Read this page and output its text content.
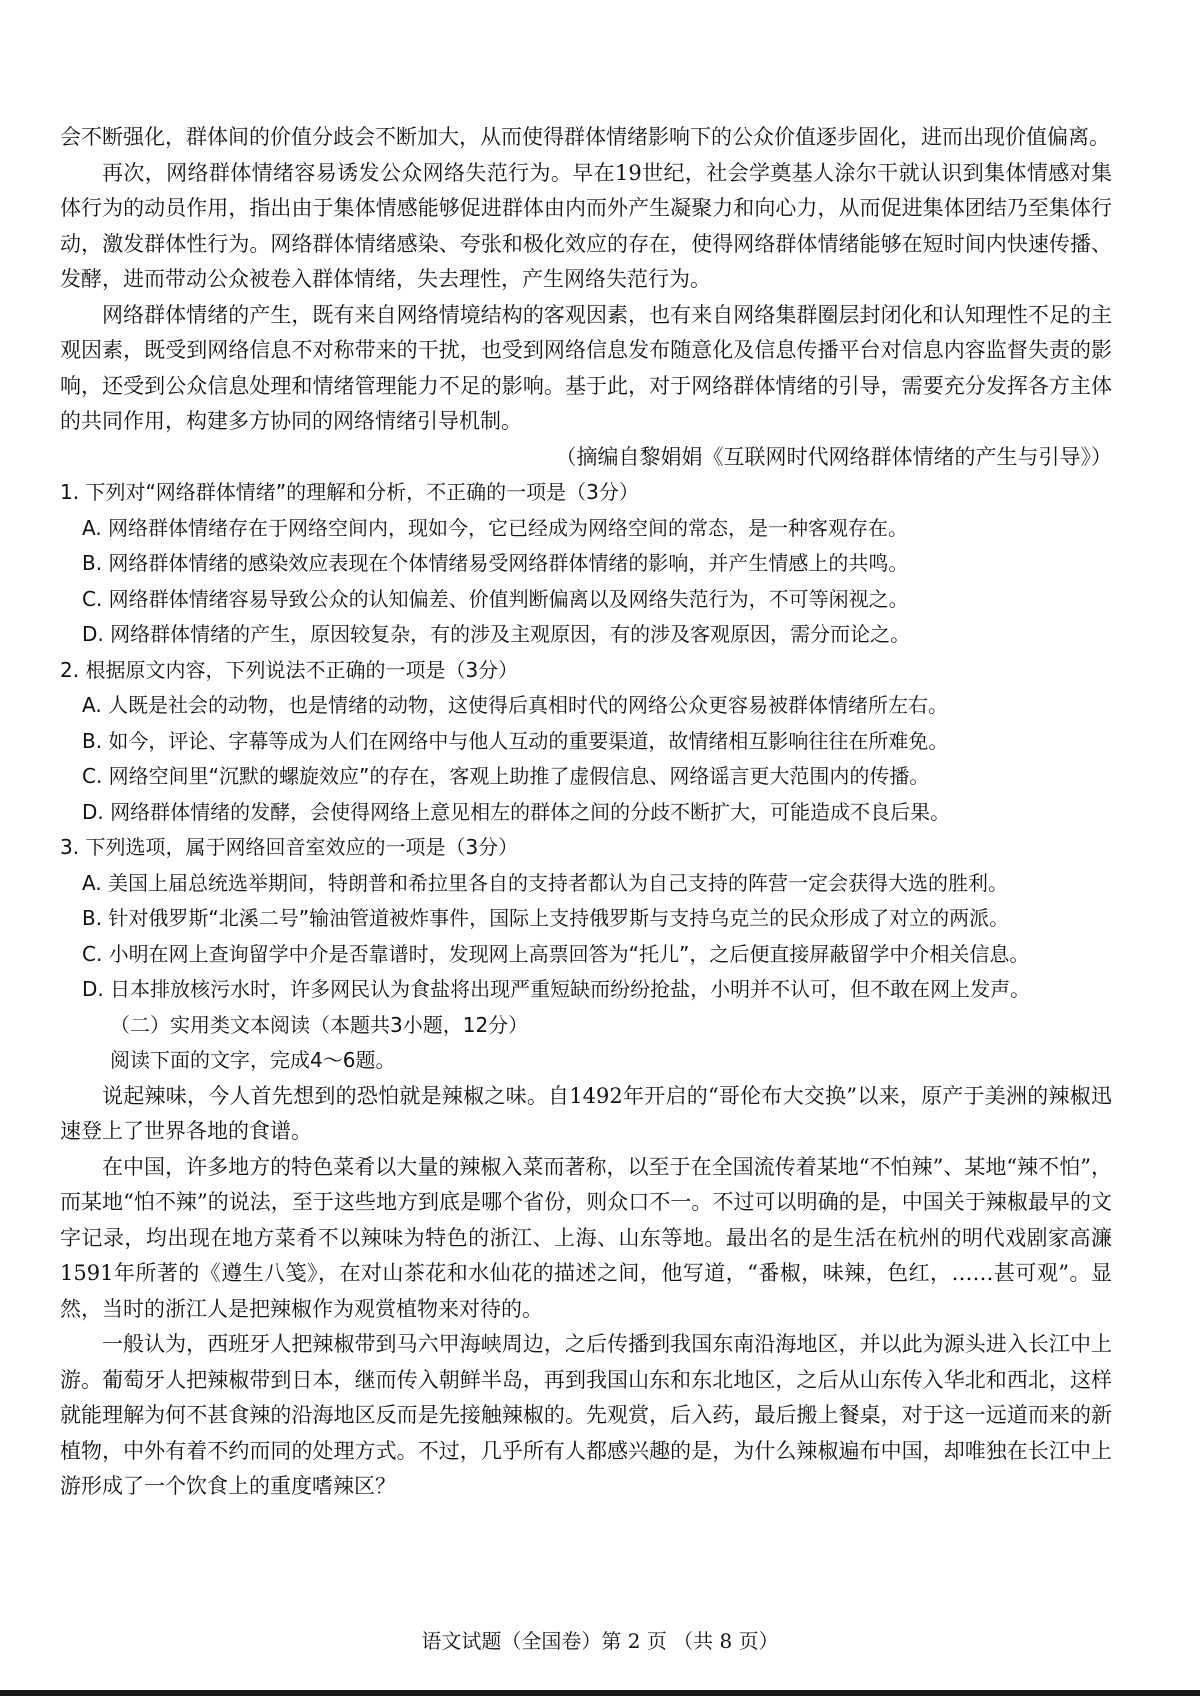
会不断强化，群体间的价值分歧会不断加大，从而使得群体情绪影响下的公众价值逐步固化，进而出现价值偏离。

再次，网络群体情绪容易诱发公众网络失范行为。早在19世纪，社会学奠基人涂尔干就认识到集体情感对集体行为的动员作用，指出由于集体情感能够促进群体由内而外产生凝聚力和向心力，从而促进集体团结乃至集体行动，激发群体性行为。网络群体情绪感染、夸张和极化效应的存在，使得网络群体情绪能够在短时间内快速传播、发酵，进而带动公众被卷入群体情绪，失去理性，产生网络失范行为。

网络群体情绪的产生，既有来自网络情境结构的客观因素，也有来自网络集群圈层封闭化和认知理性不足的主观因素，既受到网络信息不对称带来的干扰，也受到网络信息发布随意化及信息传播平台对信息内容监督失责的影响，还受到公众信息处理和情绪管理能力不足的影响。基于此，对于网络群体情绪的引导，需要充分发挥各方主体的共同作用，构建多方协同的网络情绪引导机制。

（摘编自黎娟娟《互联网时代网络群体情绪的产生与引导》）

1. 下列对“网络群体情绪”的理解和分析，不正确的一项是（3分）

A. 网络群体情绪存在于网络空间内，现如今，它已经成为网络空间的常态，是一种客观存在。

B. 网络群体情绪的感染效应表现在个体情绪易受网络群体情绪的影响，并产生情感上的共鸣。

C. 网络群体情绪容易导致公众的认知偏差、价值判断偏离以及网络失范行为，不可等闲视之。

D. 网络群体情绪的产生，原因较复杂，有的涉及主观原因，有的涉及客观原因，需分而论之。

2. 根据原文内容，下列说法不正确的一项是（3分）

A. 人既是社会的动物，也是情绪的动物，这使得后真相时代的网络公众更容易被群体情绪所左右。

B. 如今，评论、字幕等成为人们在网络中与他人互动的重要渠道，故情绪相互影响往往在所难免。

C. 网络空间里“沉默的螺旋效应”的存在，客观上助推了虚假信息、网络谣言更大范围内的传播。

D. 网络群体情绪的发酵，会使得网络上意见相左的群体之间的分歧不断扩大，可能造成不良后果。

3. 下列选项，属于网络回音室效应的一项是（3分）

A. 美国上届总统选举期间，特朗普和希拉里各自的支持者都认为自己支持的阵营一定会获得大选的胜利。

B. 针对俄罗斯“北溪二号”输油管道被炸事件，国际上支持俄罗斯与支持乌克兰的民众形成了对立的两派。

C. 小明在网上查询留学中介是否靠谱时，发现网上高票回答为“托儿”，之后便直接屏蔽留学中介相关信息。

D. 日本排放核污水时，许多网民认为食盐将出现严重短缺而纷纷抢盐，小明并不认可，但不敢在网上发声。

（二）实用类文本阅读（本题共3小题，12分）

阅读下面的文字，完成4～6题。

说起辣味，今人首先想到的恐怕就是辣椒之味。自1492年开启的“哥伦布大交换”以来，原产于美洲的辣椒迅速登上了世界各地的食谱。

在中国，许多地方的特色菜肴以大量的辣椒入菜而著称，以至于在全国流传着某地“不怕辣”、某地“辣不怕”，而某地“怕不辣”的说法，至于这些地方到底是哪个省份，则众口不一。不过可以明确的是，中国关于辣椒最早的文字记录，均出现在地方菜肴不以辣味为特色的浙江、上海、山东等地。最出名的是生活在杭州的明代戏剧家高濂1591年所著的《遵生八笺》，在对山茶花和水仙花的描述之间，他写道，“番椒，味辣，色红，……甚可观”。显然，当时的浙江人是把辣椒作为观赏植物来对待的。

一般认为，西班牙人把辣椒带到马六甲海峡周边，之后传播到我国东南沿海地区，并以此为源头进入长江中上游。葡萄牙人把辣椒带到日本，继而传入朝鲜半岛，再到我国山东和东北地区，之后从山东传入华北和西北，这样就能理解为何不甚食辣的沿海地区反而是先接触辣椒的。先观赏，后入药，最后搬上餐桌，对于这一远道而来的新植物，中外有着不约而同的处理方式。不过，几乎所有人都感兴趣的是，为什么辣椒遍布中国，却唯独在长江中上游形成了一个饮食上的重度嗜辣区？

语文试题（全国卷）第 2 页 （共 8 页）
